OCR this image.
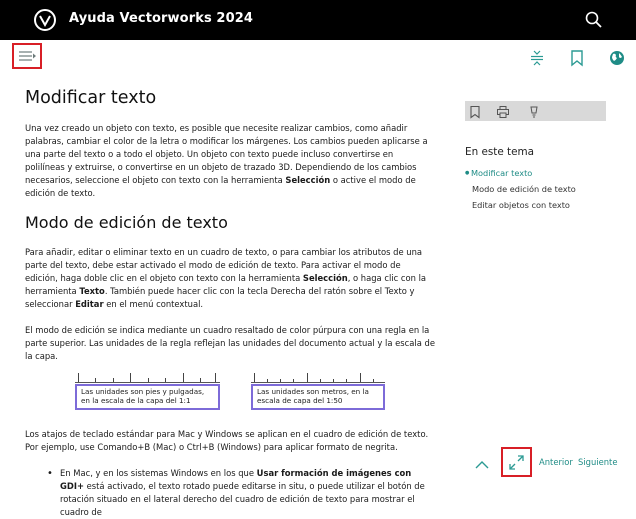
Ayuda Vectorworks 2024
Modificar texto

Una vez creado un objeto con texto, es posible que necesite realizar cambios, como añadir palabras, cambiar el color de la letra o modificar los márgenes. Los cambios pueden aplicarse a una parte del texto o a todo el objeto. Un objeto con texto puede incluso convertirse en polilíneas y extruirse, o convertirse en un objeto de trazado 3D. Dependiendo de los cambios necesarios, seleccione el objeto con texto con la herramienta Selección o active el modo de edición de texto.

Modo de edición de texto

Para añadir, editar o eliminar texto en un cuadro de texto, o para cambiar los atributos de una parte del texto, debe estar activado el modo de edición de texto. Para activar el modo de edición, haga doble clic en el objeto con texto con la herramienta Selección, o haga clic con la herramienta Texto. También puede hacer clic con la tecla Derecha del ratón sobre el Texto y seleccionar Editar en el menú contextual.

El modo de edición se indica mediante un cuadro resaltado de color púrpura con una regla en la parte superior. Las unidades de la regla reflejan las unidades del documento actual y la escala de la capa.

Las unidades son pies y pulgadas, en la escala de la capa del 1:1
Las unidades son metros, en la escala de capa del 1:50

Los atajos de teclado estándar para Mac y Windows se aplican en el cuadro de edición de texto. Por ejemplo, use Comando+B (Mac) o Ctrl+B (Windows) para aplicar formato de negrita.

• En Mac, y en los sistemas Windows en los que Usar formación de imágenes con GDI+ está activado, el texto rotado puede editarse in situ, o puede utilizar el botón de rotación situado en el lateral derecho del cuadro de edición de texto para mostrar el cuadro de
En este tema
● Modificar texto
Modo de edición de texto
Editar objetos con texto
Anterior Siguiente
